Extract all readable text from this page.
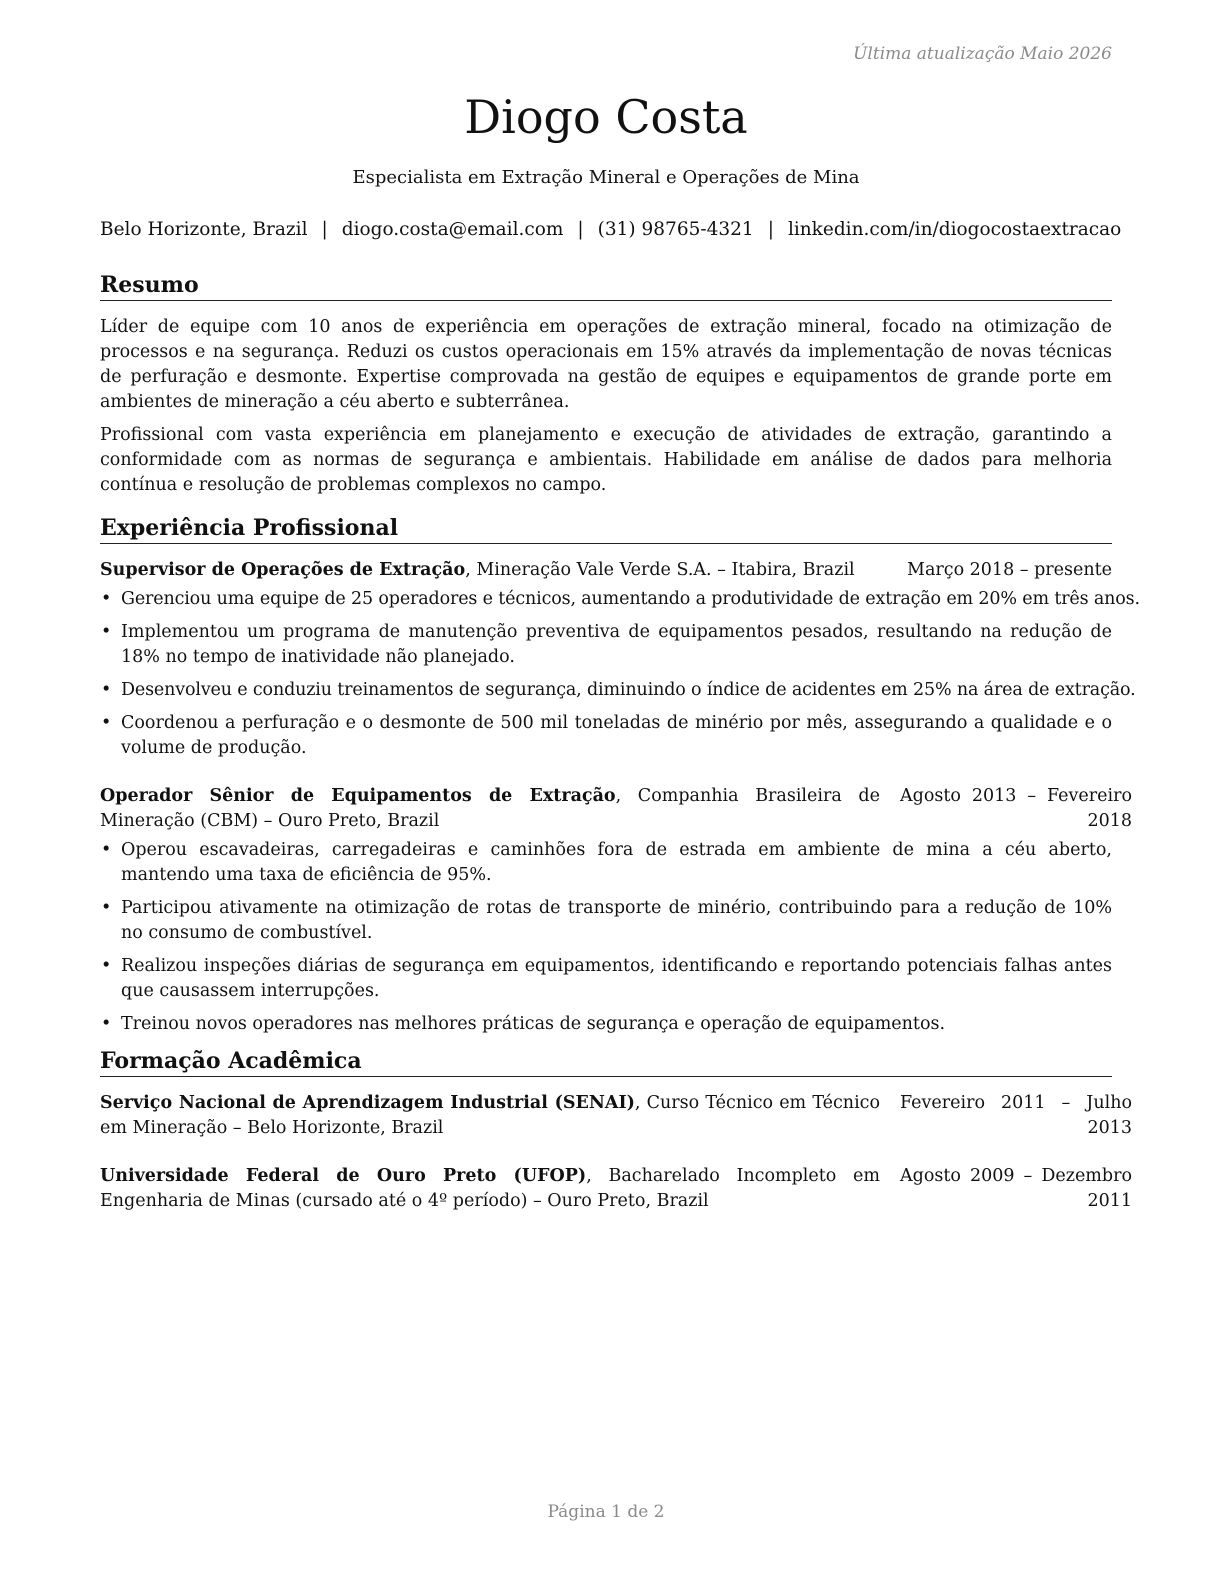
Última atualização Maio 2026
Diogo Costa
Especialista em Extração Mineral e Operações de Mina
Belo Horizonte, Brazil | diogo.costa@email.com | (31) 98765-4321 | linkedin.com/in/diogocostaextracao
Resumo

Líder de equipe com 10 anos de experiência em operações de extração mineral, focado na otimização de processos e na segurança. Reduzi os custos operacionais em 15% através da implementação de novas técnicas de perfuração e desmonte. Expertise comprovada na gestão de equipes e equipamentos de grande porte em ambientes de mineração a céu aberto e subterrânea.

Profissional com vasta experiência em planejamento e execução de atividades de extração, garantindo a conformidade com as normas de segurança e ambientais. Habilidade em análise de dados para melhoria contínua e resolução de problemas complexos no campo.

Experiência Profissional
Supervisor de Operações de Extração, Mineração Vale Verde S.A. – Itabira, Brazil	Março 2018 – presente
• Gerenciou uma equipe de 25 operadores e técnicos, aumentando a produtividade de extração em 20% em três anos.
• Implementou um programa de manutenção preventiva de equipamentos pesados, resultando na redução de 18% no tempo de inatividade não planejado.
• Desenvolveu e conduziu treinamentos de segurança, diminuindo o índice de acidentes em 25% na área de extração.
• Coordenou a perfuração e o desmonte de 500 mil toneladas de minério por mês, assegurando a qualidade e o volume de produção.
Operador Sênior de Equipamentos de Extração, Companhia Brasileira de Mineração (CBM) – Ouro Preto, Brazil
Agosto 2013 – Fevereiro 2018
• Operou escavadeiras, carregadeiras e caminhões fora de estrada em ambiente de mina a céu aberto, mantendo uma taxa de eficiência de 95%.
• Participou ativamente na otimização de rotas de transporte de minério, contribuindo para a redução de 10% no consumo de combustível.
• Realizou inspeções diárias de segurança em equipamentos, identificando e reportando potenciais falhas antes que causassem interrupções.
• Treinou novos operadores nas melhores práticas de segurança e operação de equipamentos.
Formação Acadêmica
Serviço Nacional de Aprendizagem Industrial (SENAI), Curso Técnico em Técnico em Mineração – Belo Horizonte, Brazil
Fevereiro 2011 – Julho 2013
Universidade Federal de Ouro Preto (UFOP), Bacharelado Incompleto em Engenharia de Minas (cursado até o 4º período) – Ouro Preto, Brazil
Agosto 2009 – Dezembro 2011
Página 1 de 2
